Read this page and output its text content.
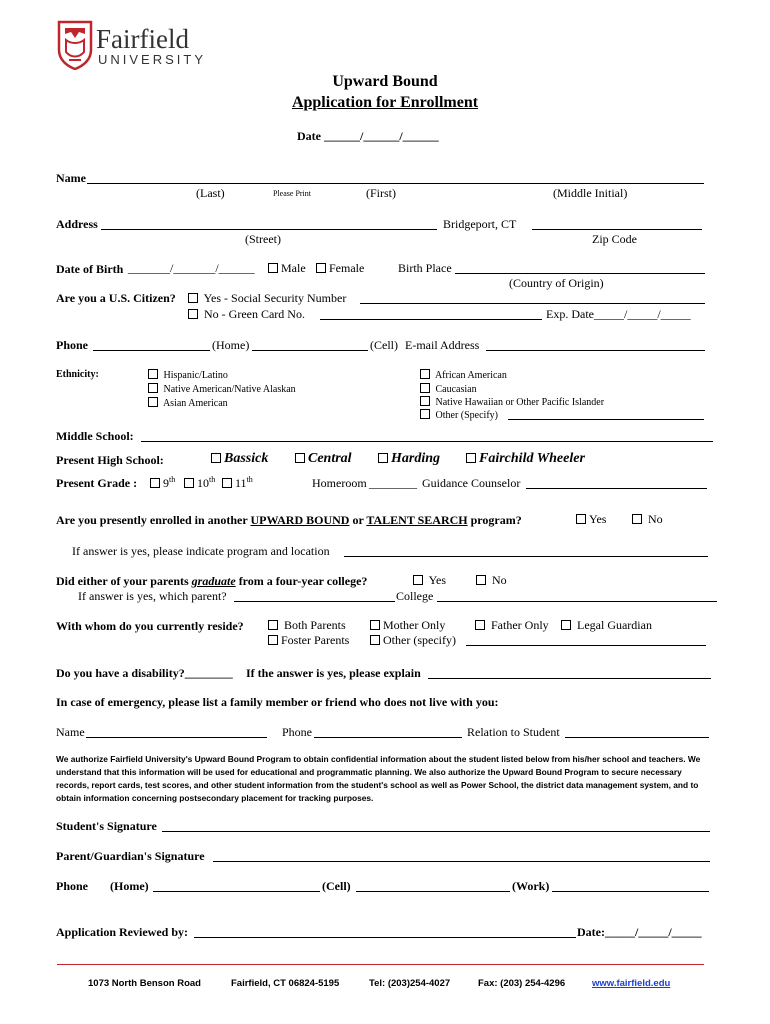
Fairfield
UNIVERSITY
Upward Bound
Application for Enrollment
Date ______/______/______
Name
(Last)	Please Print	(First)	(Middle Initial)
Address	Bridgeport, CT
(Street)	Zip Code
Date of Birth _______/_______/______	Male	Female	Birth Place
(Country of Origin)
Are you a U.S. Citizen?	Yes - Social Security Number
No - Green Card No.	Exp. Date_____/_____/_____
Phone	(Home)	(Cell) E-mail Address
Ethnicity:	Hispanic/Latino
Native American/Native Alaskan
Asian American
African American
Caucasian
Native Hawaiian or Other Pacific Islander
Other (Specify)
Middle School:
Present High School:	Bassick	Central	Harding	Fairchild Wheeler
Present Grade :	9th	10th	11th	Homeroom ________ Guidance Counselor
Are you presently enrolled in another UPWARD BOUND or TALENT SEARCH program?	Yes	No
If answer is yes, please indicate program and location
Did either of your parents graduate from a four-year college?	Yes	No
If answer is yes, which parent?	College
With whom do you currently reside?	Both Parents	Mother Only	Father Only	Legal Guardian
Foster Parents	Other (specify)
Do you have a disability?________ If the answer is yes, please explain
In case of emergency, please list a family member or friend who does not live with you:
Name	Phone	Relation to Student
We authorize Fairfield University's Upward Bound Program to obtain confidential information about the student listed below from his/her school and teachers. We understand that this information will be used for educational and programmatic planning. We also authorize the Upward Bound Program to secure necessary records, report cards, test scores, and other student information from the student's school as well as Power School, the district data management system, and to obtain information concerning postsecondary placement for tracking purposes.
Student's Signature
Parent/Guardian's Signature
Phone (Home)	(Cell)	(Work)
Application Reviewed by:	Date:_____/_____/_____
1073 North Benson Road	Fairfield, CT 06824-5195	Tel: (203)254-4027	Fax: (203) 254-4296	www.fairfield.edu
